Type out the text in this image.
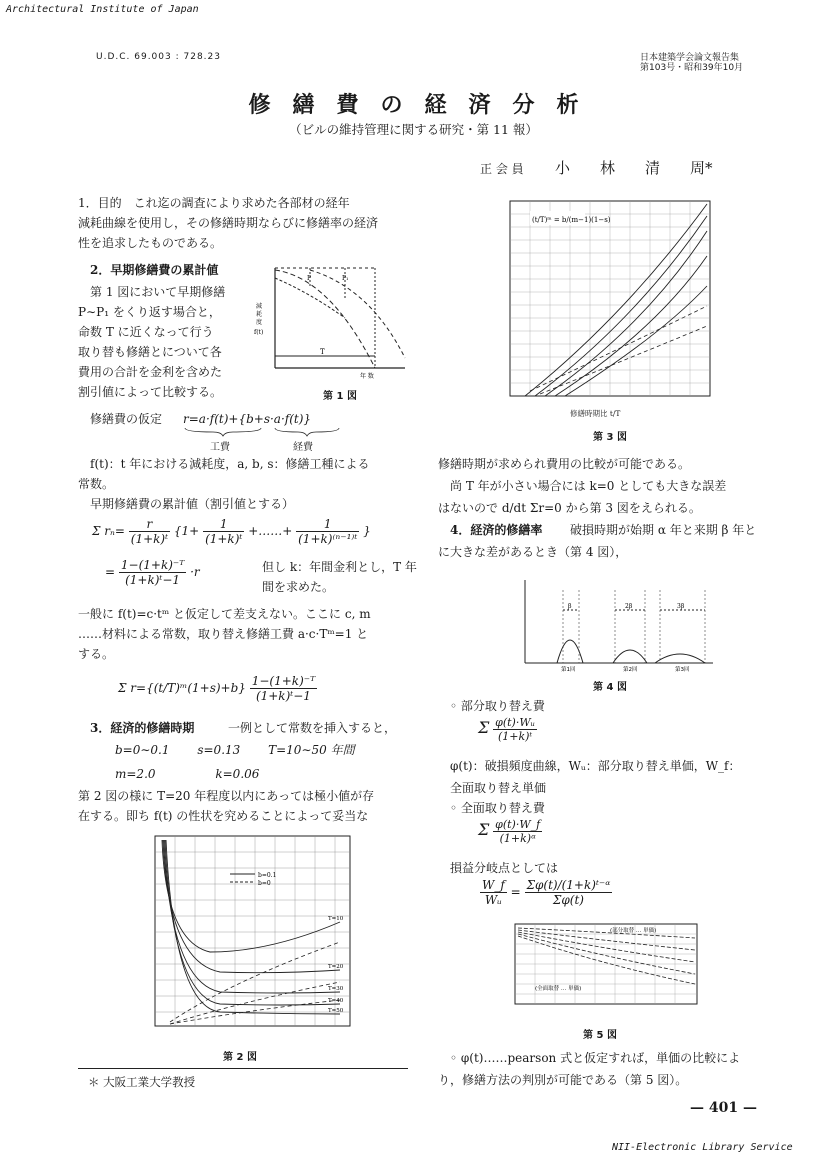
Architectural Institute of Japan
U.D.C. 69.003 : 728.23	日本建築学会論文報告集
第103号・昭和39年10月
修　繕　費　の　経　済　分　析
（ビルの維持管理に関する研究・第 11 報）
正 会 員 小　　林　　清　　周*
1．目的　これ迄の調査により求めた各部材の経年
減耗曲線を使用し，その修繕時期ならびに修繕率の経済
性を追求したものである。
2．早期修繕費の累計値
第 1 図において早期修繕
P∼P₁ をくり返す場合と，
命数 T に近くなって行う
取り替も修繕とについて各
費用の合計を金利を含めた
割引値によって比較する。
減
耗
度
f(t)
P	P₁
T
年 数
第 1 図
修繕費の仮定 r=a·f(t)+{b+s·a·f(t)}
工費	経費
f(t)：t 年における減耗度，a, b, s：修繕工種による
常数。
早期修繕費の累計値（割引値とする）
Σ $r_n= \frac{r}{\text{(1+k)ᵗ}} \{1+ \frac{1}{\text{(1+k)ᵗ}}$ +……+ $\frac{1}{\text{(1+k)⁽ⁿ⁻¹⁾ᵗ}}$ }
= $\frac{\text{1−(1+k)⁻ᵀ}}{\text{(1+k)ᵗ−1}} \cdot r$	但し k：年間金利とし，T 年
間を求めた。
一般に f(t)=c·tᵐ と仮定して差支えない。ここに c, m
……材料による常数，取り替え修繕工費 a·c·Tᵐ=1 と
する。
Σ r={(t/T)ᵐ(1+s)+b} $\frac{\text{1−(1+k)⁻ᵀ}}{\text{(1+k)ᵗ−1}}$
3．経済的修繕時期	一例として常数を挿入すると，
b=0∼0.1 s=0.13 T=10∼50 年間
m=2.0	k=0.06
第 2 図の様に T=20 年程度以内にあっては極小値が存
在する。即ち f(t) の性状を究めることによって妥当な
b=0.1
b=0
T=10
T=20
T=30
T=40
T=50
第 2 図
＊ 大阪工業大学教授
(t/T)ᵐ = b/(m−1)(1−s)
修繕時期比 t/T
第 3 図
修繕時期が求められ費用の比較が可能である。
尚 T 年が小さい場合には k=0 としても大きな誤差
はないので d/dt Σr=0 から第 3 図をえられる。
4．経済的修繕率 破損時期が始期 α 年と来期 β 年と
に大きな差があるとき（第 4 図），
β	2β	3β
第1回	第2回	第3回
第 4 図
◦ 部分取り替え費
Σ $\frac{\text{φ(t)·Wᵤ}}{\text{(1+k)ᵗ}}$
φ(t)：破損頻度曲線，Wᵤ：部分取り替え単価，W_f：
全面取り替え単価
◦ 全面取り替え費
Σ $\frac{\varphi(t)\cdot W\_f}{\text{(1+k)ᵅ}}$
損益分岐点としては
$\frac{W\_f}{\text{Wᵤ}} = \frac{\text{Σφ(t)/(1+k)ᵗ⁻ᵅ}}{\Sigma\varphi(t)}$
(部分取替 … 単価)
(全面取替 … 単価)
第 5 図
◦ φ(t)……pearson 式と仮定すれば，単価の比較によ
り，修繕方法の判別が可能である（第 5 図）。
— 401 —
NII-Electronic Library Service
